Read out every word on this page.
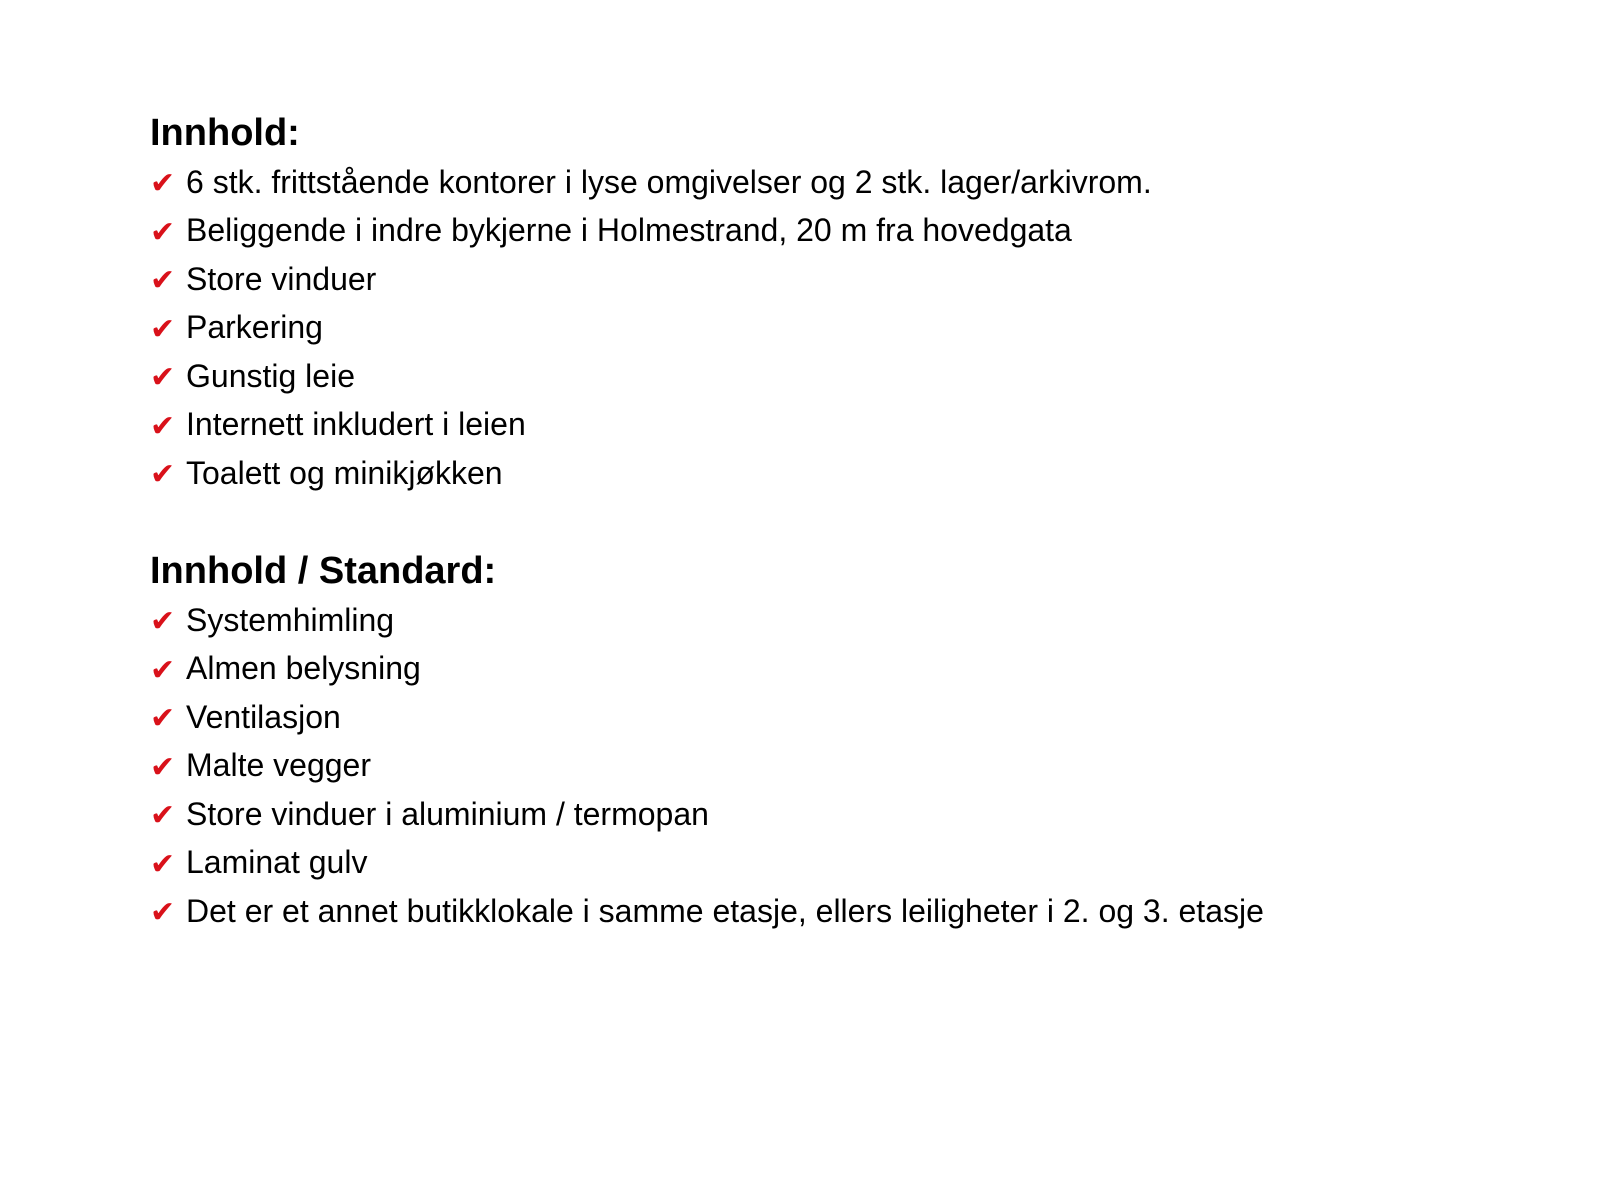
Innhold:
✔ 6 stk. frittstående kontorer i lyse omgivelser og 2 stk. lager/arkivrom.
✔ Beliggende i indre bykjerne i Holmestrand, 20 m fra hovedgata
✔ Store vinduer
✔ Parkering
✔ Gunstig leie
✔ Internett inkludert i leien
✔ Toalett og minikjøkken
Innhold / Standard:
✔ Systemhimling
✔ Almen belysning
✔ Ventilasjon
✔ Malte vegger
✔ Store vinduer i aluminium / termopan
✔ Laminat gulv
✔ Det er et annet butikklokale i samme etasje, ellers leiligheter i 2. og 3. etasje
